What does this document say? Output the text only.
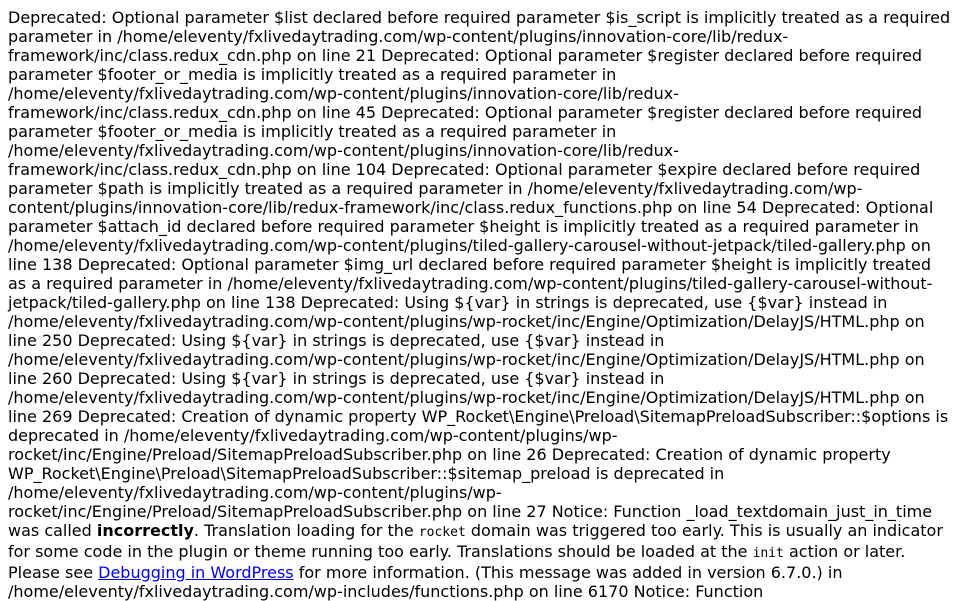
Deprecated: Optional parameter $list declared before required parameter $is_script is implicitly treated as a required parameter in /home/eleventy/fxlivedaytrading.com/wp-content/plugins/innovation-core/lib/redux-framework/inc/class.redux_cdn.php on line 21 Deprecated: Optional parameter $register declared before required parameter $footer_or_media is implicitly treated as a required parameter in /home/eleventy/fxlivedaytrading.com/wp-content/plugins/innovation-core/lib/redux-framework/inc/class.redux_cdn.php on line 45 Deprecated: Optional parameter $register declared before required parameter $footer_or_media is implicitly treated as a required parameter in /home/eleventy/fxlivedaytrading.com/wp-content/plugins/innovation-core/lib/redux-framework/inc/class.redux_cdn.php on line 104 Deprecated: Optional parameter $expire declared before required parameter $path is implicitly treated as a required parameter in /home/eleventy/fxlivedaytrading.com/wp-content/plugins/innovation-core/lib/redux-framework/inc/class.redux_functions.php on line 54 Deprecated: Optional parameter $attach_id declared before required parameter $height is implicitly treated as a required parameter in /home/eleventy/fxlivedaytrading.com/wp-content/plugins/tiled-gallery-carousel-without-jetpack/tiled-gallery.php on line 138 Deprecated: Optional parameter $img_url declared before required parameter $height is implicitly treated as a required parameter in /home/eleventy/fxlivedaytrading.com/wp-content/plugins/tiled-gallery-carousel-without-jetpack/tiled-gallery.php on line 138 Deprecated: Using ${var} in strings is deprecated, use {$var} instead in /home/eleventy/fxlivedaytrading.com/wp-content/plugins/wp-rocket/inc/Engine/Optimization/DelayJS/HTML.php on line 250 Deprecated: Using ${var} in strings is deprecated, use {$var} instead in /home/eleventy/fxlivedaytrading.com/wp-content/plugins/wp-rocket/inc/Engine/Optimization/DelayJS/HTML.php on line 260 Deprecated: Using ${var} in strings is deprecated, use {$var} instead in /home/eleventy/fxlivedaytrading.com/wp-content/plugins/wp-rocket/inc/Engine/Optimization/DelayJS/HTML.php on line 269 Deprecated: Creation of dynamic property WP_Rocket\Engine\Preload\SitemapPreloadSubscriber::$options is deprecated in /home/eleventy/fxlivedaytrading.com/wp-content/plugins/wp-rocket/inc/Engine/Preload/SitemapPreloadSubscriber.php on line 26 Deprecated: Creation of dynamic property WP_Rocket\Engine\Preload\SitemapPreloadSubscriber::$sitemap_preload is deprecated in /home/eleventy/fxlivedaytrading.com/wp-content/plugins/wp-rocket/inc/Engine/Preload/SitemapPreloadSubscriber.php on line 27 Notice: Function _load_textdomain_just_in_time was called incorrectly. Translation loading for the rocket domain was triggered too early. This is usually an indicator for some code in the plugin or theme running too early. Translations should be loaded at the init action or later. Please see Debugging in WordPress for more information. (This message was added in version 6.7.0.) in /home/eleventy/fxlivedaytrading.com/wp-includes/functions.php on line 6170 Notice: Function
